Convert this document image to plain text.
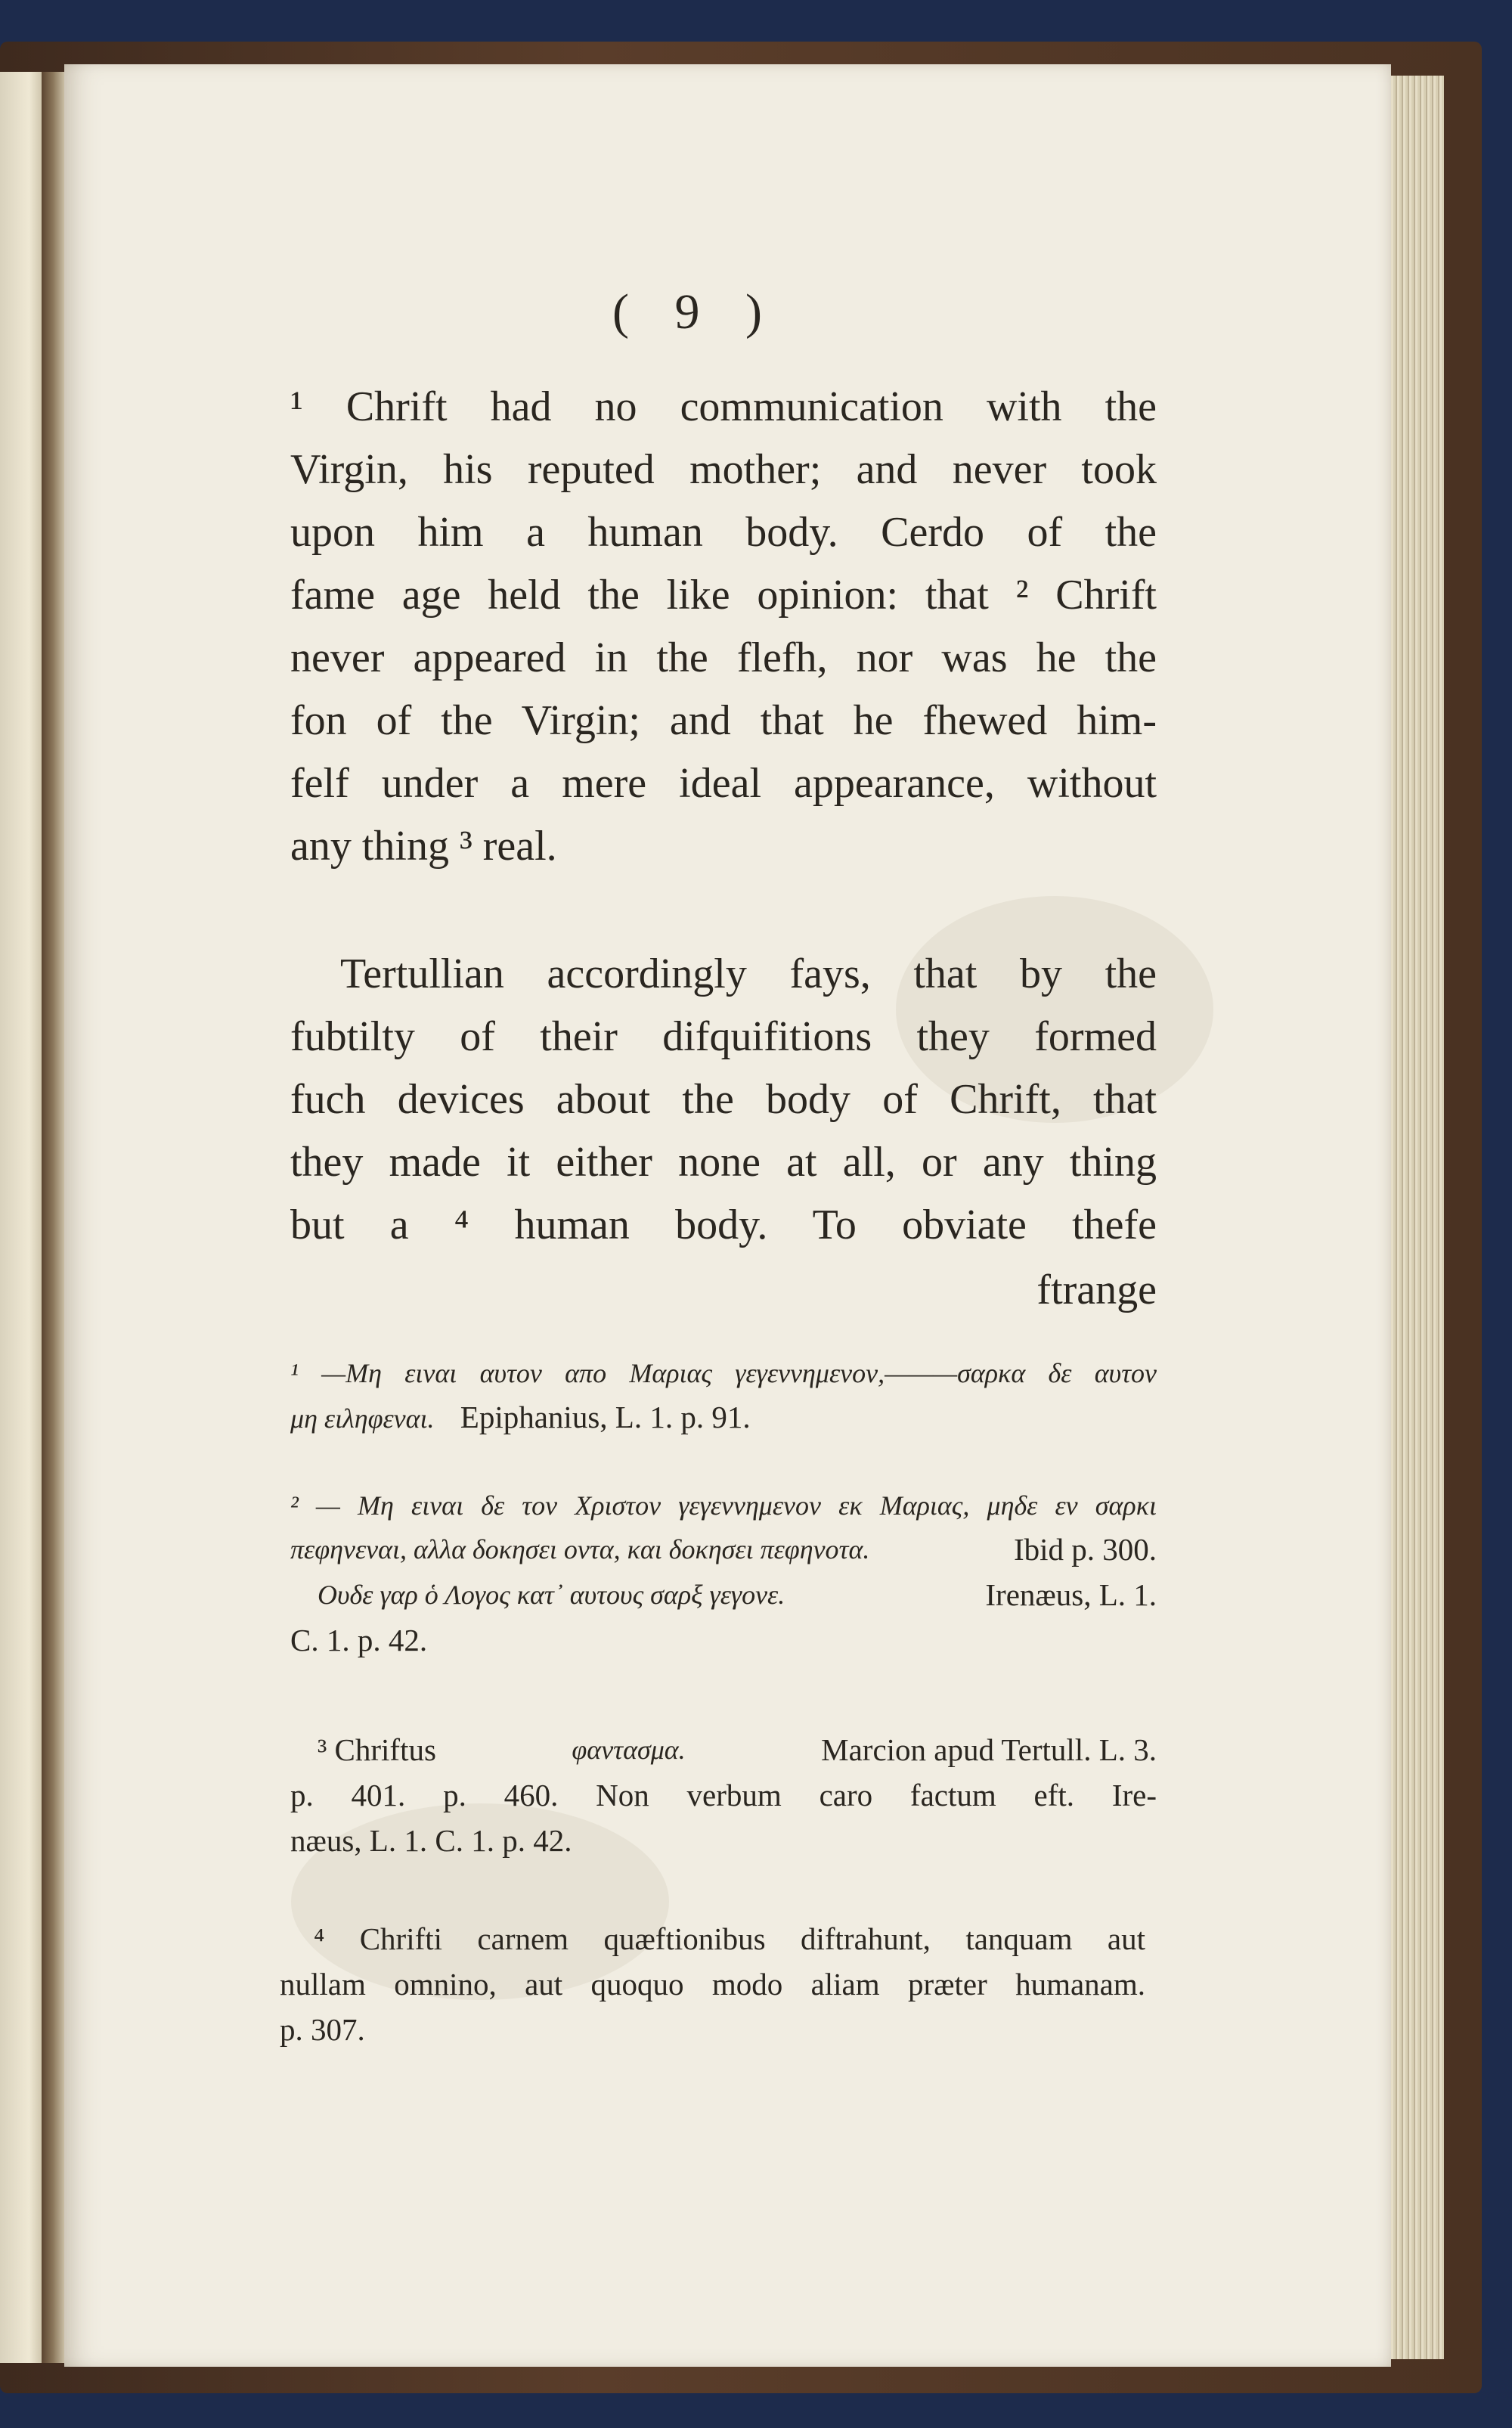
( 9 )
¹ Chrift had no communication with the
Virgin, his reputed mother; and never took
upon him a human body. Cerdo of the
fame age held the like opinion: that ² Chrift
never appeared in the flefh, nor was he the
fon of the Virgin; and that he fhewed him-
felf under a mere ideal appearance, without
any thing ³ real.
Tertullian accordingly fays, that by the
fubtilty of their difquifitions they formed
fuch devices about the body of Chrift, that
they made it either none at all, or any thing
but a ⁴ human body. To obviate thefe
ftrange
¹ —Μη ειναι αυτον απο Μαριας γεγεννημενον,———σαρκα δε αυτον
μη ειληφεναι. Epiphanius, L. 1. p. 91.
² — Μη ειναι δε τον Χριστον γεγεννημενον εκ Μαριας, μηδε εν σαρκι
πεφηνεναι, αλλα δοκησει οντα, και δοκησει πεφηνοτα.	Ibid p. 300.
Ουδε γαρ ὁ Λογος κατ᾽ αυτους σαρξ γεγονε.	Irenæus, L. 1.
C. 1. p. 42.
³ Chriftus	φαντασμα.	Marcion apud Tertull. L. 3.
p. 401. p. 460. Non verbum caro factum eft. Ire-
næus, L. 1. C. 1. p. 42.
⁴ Chrifti carnem quæftionibus diftrahunt, tanquam aut
nullam omnino, aut quoquo modo aliam præter humanam.
p. 307.
